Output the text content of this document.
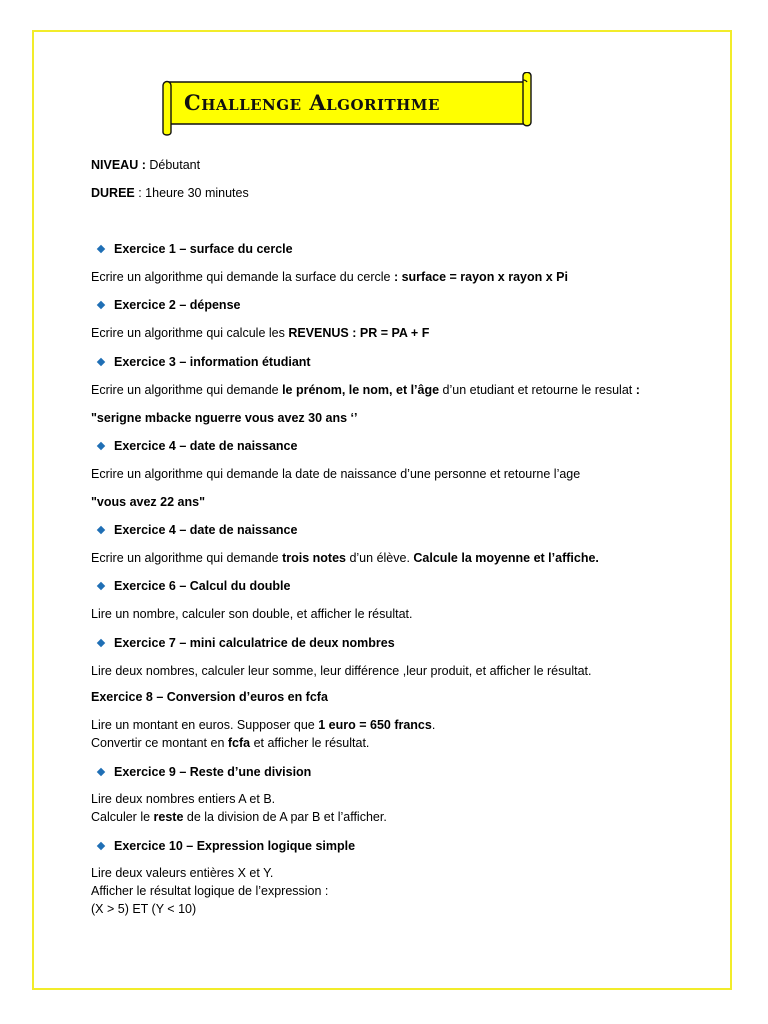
Challenge Algorithme
NIVEAU : Débutant
DUREE : 1heure 30 minutes
Exercice 1 – surface du cercle
Ecrire un algorithme qui demande la surface du cercle : surface = rayon x rayon x Pi
Exercice 2 – dépense
Ecrire un algorithme qui calcule les REVENUS : PR = PA + F
Exercice 3 – information étudiant
Ecrire un algorithme qui demande le prénom, le nom, et l’âge d’un etudiant et retourne le resulat :
"serigne mbacke nguerre vous avez 30 ans ‘’
Exercice 4 – date de naissance
Ecrire un algorithme qui demande la date de naissance d’une personne et retourne l’age
"vous avez 22 ans"
Exercice 4 – date de naissance
Ecrire un algorithme qui demande trois notes d’un élève. Calcule la moyenne et l’affiche.
Exercice 6 – Calcul du double
Lire un nombre, calculer son double, et afficher le résultat.
Exercice 7 – mini calculatrice de deux nombres
Lire deux nombres, calculer leur somme, leur différence ,leur produit, et afficher le résultat.
Exercice 8 – Conversion d’euros en fcfa
Lire un montant en euros. Supposer que 1 euro = 650 francs.
Convertir ce montant en fcfa et afficher le résultat.
Exercice 9 – Reste d’une division
Lire deux nombres entiers A et B.
Calculer le reste de la division de A par B et l’afficher.
Exercice 10 – Expression logique simple
Lire deux valeurs entières X et Y.
Afficher le résultat logique de l’expression :
(X > 5) ET (Y < 10)
